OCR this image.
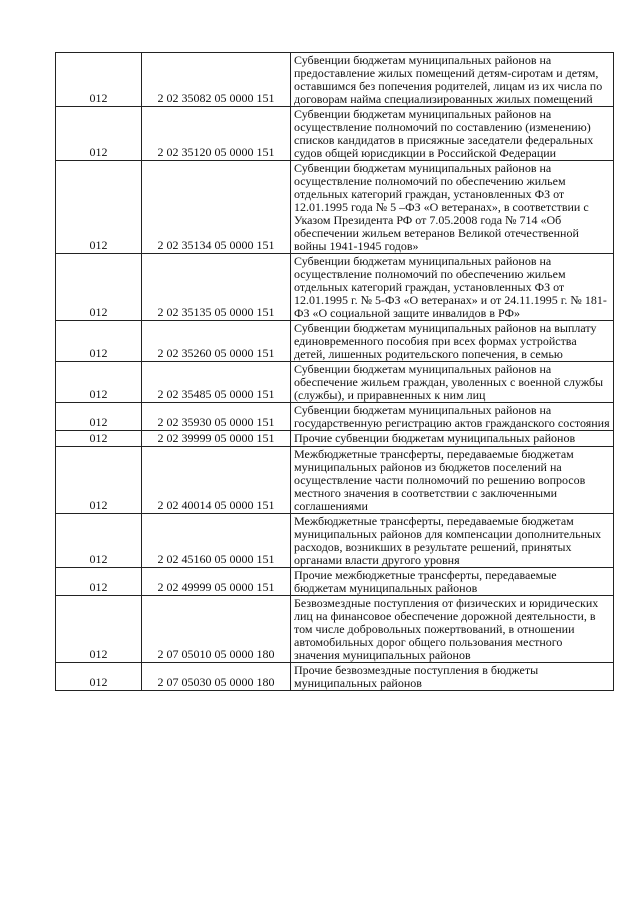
012	2 02 35082 05 0000 151	Субвенции бюджетам муниципальных районов на предоставление жилых помещений детям-сиротам и детям, оставшимся без попечения родителей, лицам из их числа по договорам найма специализированных жилых помещений
012	2 02 35120 05 0000 151	Субвенции бюджетам муниципальных районов на осуществление полномочий по составлению (изменению) списков кандидатов в присяжные заседатели федеральных судов общей юрисдикции в Российской Федерации
012	2 02 35134 05 0000 151	Субвенции бюджетам муниципальных районов на осуществление полномочий по обеспечению жильем отдельных категорий граждан, установленных ФЗ от 12.01.1995 года № 5 –ФЗ «О ветеранах», в соответствии с Указом Президента РФ от 7.05.2008 года № 714 «Об обеспечении жильем ветеранов Великой отечественной войны 1941-1945 годов»
012	2 02 35135 05 0000 151	Субвенции бюджетам муниципальных районов на осуществление полномочий по обеспечению жильем отдельных категорий граждан, установленных ФЗ от 12.01.1995 г. № 5-ФЗ «О ветеранах» и от 24.11.1995 г. № 181-ФЗ «О социальной защите инвалидов в РФ»
012	2 02 35260 05 0000 151	Субвенции бюджетам муниципальных районов на выплату единовременного пособия при всех формах устройства детей, лишенных родительского попечения, в семью
012	2 02 35485 05 0000 151	Субвенции бюджетам муниципальных районов на обеспечение жильем граждан, уволенных с военной службы (службы), и приравненных к ним лиц
012	2 02 35930 05 0000 151	Субвенции бюджетам муниципальных районов на государственную регистрацию актов гражданского состояния
012	2 02 39999 05 0000 151	Прочие субвенции бюджетам муниципальных районов
012	2 02 40014 05 0000 151	Межбюджетные трансферты, передаваемые бюджетам муниципальных районов из бюджетов поселений на осуществление части полномочий по решению вопросов местного значения в соответствии с заключенными соглашениями
012	2 02 45160 05 0000 151	Межбюджетные трансферты, передаваемые бюджетам муниципальных районов для компенсации дополнительных расходов, возникших в результате решений, принятых органами власти другого уровня
012	2 02 49999 05 0000 151	Прочие межбюджетные трансферты, передаваемые бюджетам муниципальных районов
012	2 07 05010 05 0000 180	Безвозмездные поступления от физических и юридических лиц на финансовое обеспечение дорожной деятельности, в том числе добровольных пожертвований, в отношении автомобильных дорог общего пользования местного значения муниципальных районов
012	2 07 05030 05 0000 180	Прочие безвозмездные поступления в бюджеты муниципальных районов
